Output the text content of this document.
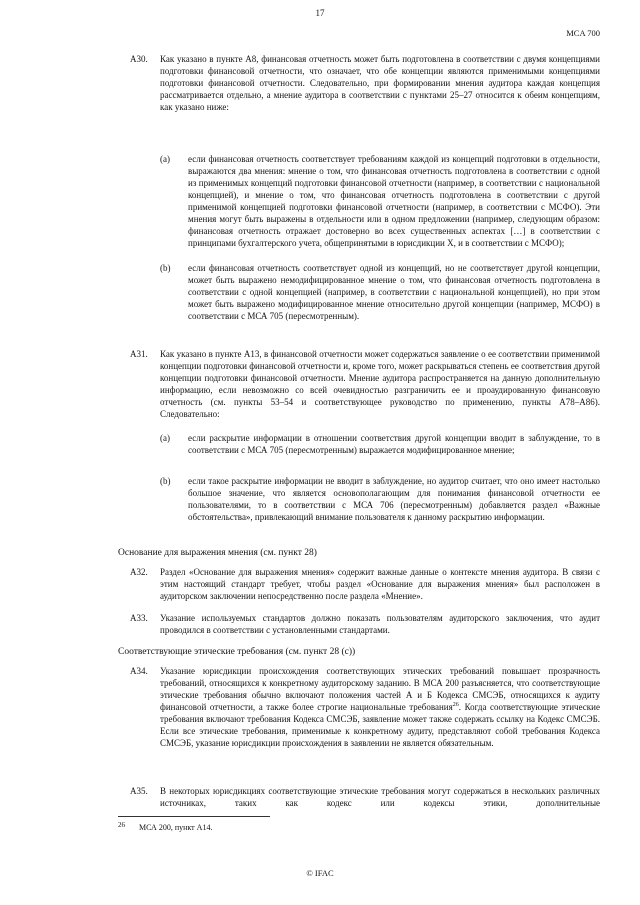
17
MCA 700
A30. Как указано в пункте А8, финансовая отчетность может быть подготовлена в соответствии с двумя концепциями подготовки финансовой отчетности, что означает, что обе концепции являются применимыми концепциями подготовки финансовой отчетности. Следовательно, при формировании мнения аудитора каждая концепция рассматривается отдельно, а мнение аудитора в соответствии с пунктами 25–27 относится к обеим концепциям, как указано ниже:
(a) если финансовая отчетность соответствует требованиям каждой из концепций подготовки в отдельности, выражаются два мнения: мнение о том, что финансовая отчетность подготовлена в соответствии с одной из применимых концепций подготовки финансовой отчетности (например, в соответствии с национальной концепцией), и мнение о том, что финансовая отчетность подготовлена в соответствии с другой применимой концепцией подготовки финансовой отчетности (например, в соответствии с МСФО). Эти мнения могут быть выражены в отдельности или в одном предложении (например, следующим образом: финансовая отчетность отражает достоверно во всех существенных аспектах […] в соответствии с принципами бухгалтерского учета, общепринятыми в юрисдикции X, и в соответствии с МСФО);
(b) если финансовая отчетность соответствует одной из концепций, но не соответствует другой концепции, может быть выражено немодифицированное мнение о том, что финансовая отчетность подготовлена в соответствии с одной концепцией (например, в соответствии с национальной концепцией), но при этом может быть выражено модифицированное мнение относительно другой концепции (например, МСФО) в соответствии с МСА 705 (пересмотренным).
A31. Как указано в пункте А13, в финансовой отчетности может содержаться заявление о ее соответствии применимой концепции подготовки финансовой отчетности и, кроме того, может раскрываться степень ее соответствия другой концепции подготовки финансовой отчетности. Мнение аудитора распространяется на данную дополнительную информацию, если невозможно со всей очевидностью разграничить ее и проаудированную финансовую отчетность (см. пункты 53–54 и соответствующее руководство по применению, пункты А78–А86). Следовательно:
(a) если раскрытие информации в отношении соответствия другой концепции вводит в заблуждение, то в соответствии с МСА 705 (пересмотренным) выражается модифицированное мнение;
(b) если такое раскрытие информации не вводит в заблуждение, но аудитор считает, что оно имеет настолько большое значение, что является основополагающим для понимания финансовой отчетности ее пользователями, то в соответствии с МСА 706 (пересмотренным) добавляется раздел «Важные обстоятельства», привлекающий внимание пользователя к данному раскрытию информации.
Основание для выражения мнения (см. пункт 28)
A32. Раздел «Основание для выражения мнения» содержит важные данные о контексте мнения аудитора. В связи с этим настоящий стандарт требует, чтобы раздел «Основание для выражения мнения» был расположен в аудиторском заключении непосредственно после раздела «Мнение».
A33. Указание используемых стандартов должно показать пользователям аудиторского заключения, что аудит проводился в соответствии с установленными стандартами.
Соответствующие этические требования (см. пункт 28 (с))
A34. Указание юрисдикции происхождения соответствующих этических требований повышает прозрачность требований, относящихся к конкретному аудиторскому заданию. В МСА 200 разъясняется, что соответствующие этические требования обычно включают положения частей А и Б Кодекса СМСЭБ, относящихся к аудиту финансовой отчетности, а также более строгие национальные требования$^{26}$. Когда соответствующие этические требования включают требования Кодекса СМСЭБ, заявление может также содержать ссылку на Кодекс СМСЭБ. Если все этические требования, применимые к конкретному аудиту, представляют собой требования Кодекса СМСЭБ, указание юрисдикции происхождения в заявлении не является обязательным.
A35. В некоторых юрисдикциях соответствующие этические требования могут содержаться в нескольких различных источниках, таких как кодекс или кодексы этики, дополнительные
26 МСА 200, пункт А14.
© IFAC
